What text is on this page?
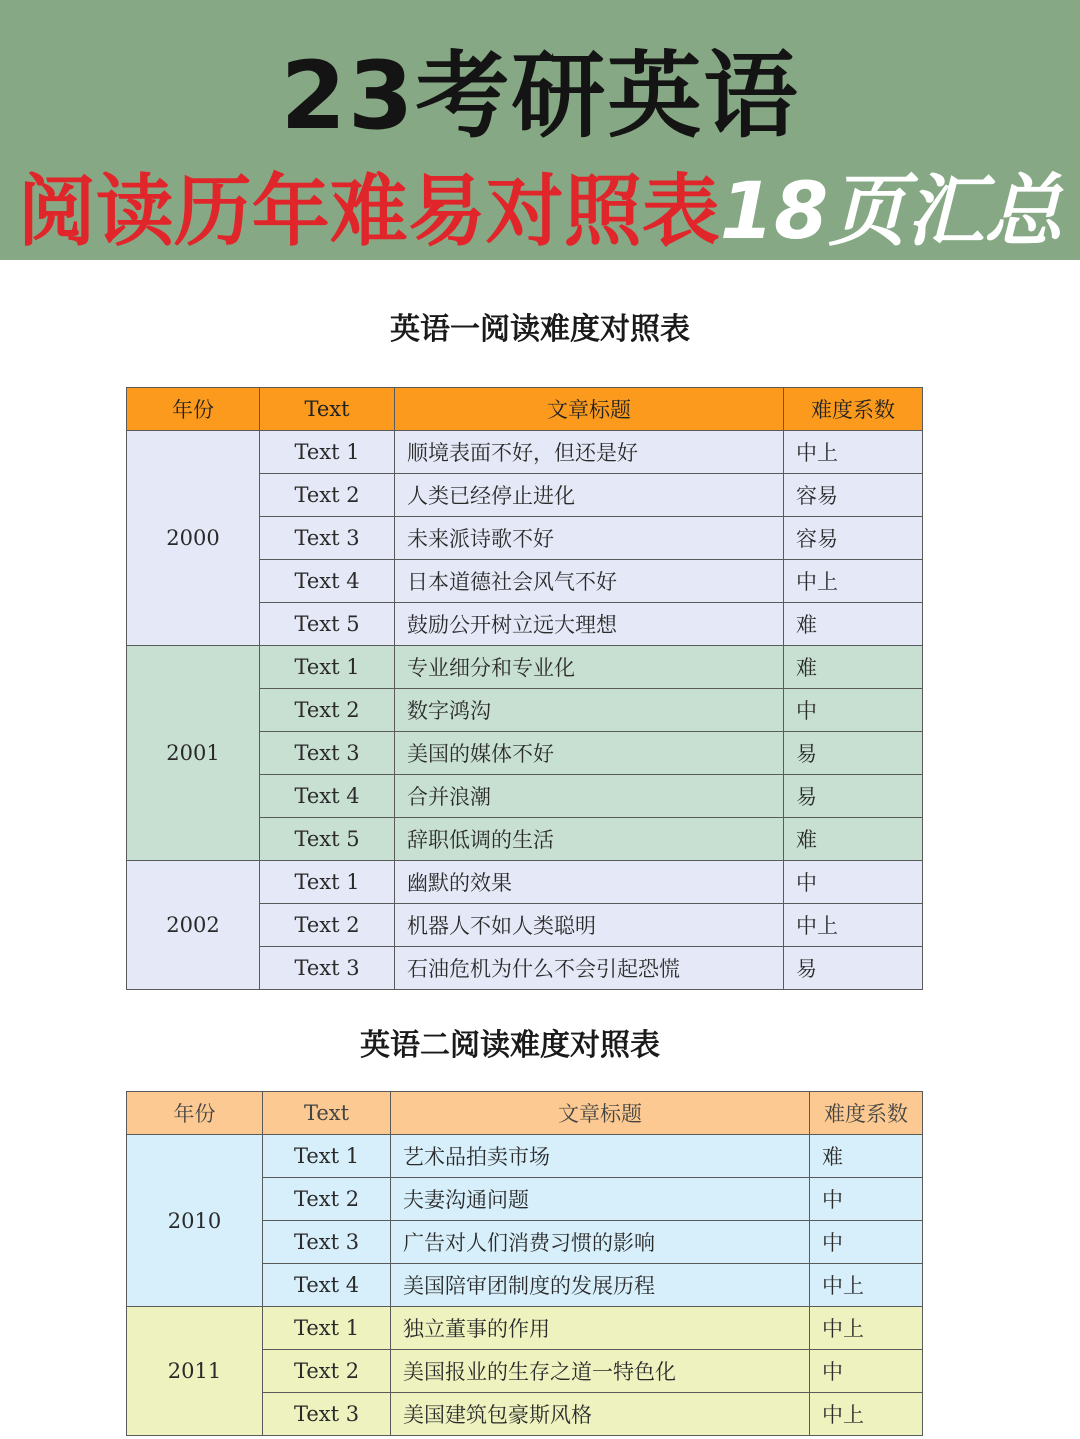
23考研英语
阅读历年难易对照表18页汇总
英语一阅读难度对照表
年份	Text	文章标题	难度系数
2000	Text 1	顺境表面不好，但还是好	中上
	Text 2	人类已经停止进化	容易
	Text 3	未来派诗歌不好	容易
	Text 4	日本道德社会风气不好	中上
	Text 5	鼓励公开树立远大理想	难
2001	Text 1	专业细分和专业化	难
	Text 2	数字鸿沟	中
	Text 3	美国的媒体不好	易
	Text 4	合并浪潮	易
	Text 5	辞职低调的生活	难
2002	Text 1	幽默的效果	中
	Text 2	机器人不如人类聪明	中上
	Text 3	石油危机为什么不会引起恐慌	易
英语二阅读难度对照表
年份	Text	文章标题	难度系数
2010	Text 1	艺术品拍卖市场	难
	Text 2	夫妻沟通问题	中
	Text 3	广告对人们消费习惯的影响	中
	Text 4	美国陪审团制度的发展历程	中上
2011	Text 1	独立董事的作用	中上
	Text 2	美国报业的生存之道一特色化	中
	Text 3	美国建筑包豪斯风格	中上
